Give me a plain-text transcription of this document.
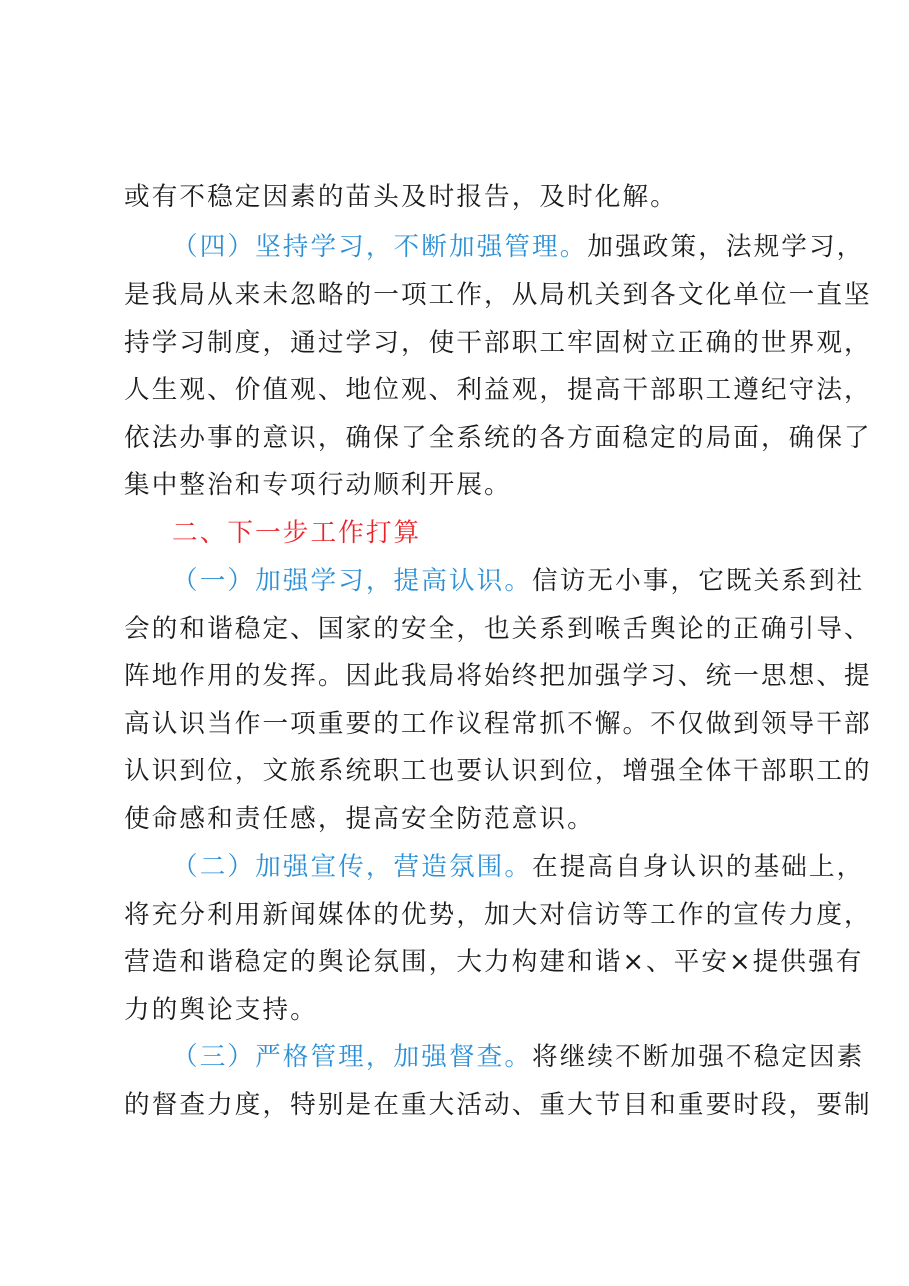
或有不稳定因素的苗头及时报告，及时化解。
（四）坚持学习，不断加强管理。加强政策，法规学习，
是我局从来未忽略的一项工作，从局机关到各文化单位一直坚
持学习制度，通过学习，使干部职工牢固树立正确的世界观，
人生观、价值观、地位观、利益观，提高干部职工遵纪守法，
依法办事的意识，确保了全系统的各方面稳定的局面，确保了
集中整治和专项行动顺利开展。
二、下一步工作打算
（一）加强学习，提高认识。信访无小事，它既关系到社
会的和谐稳定、国家的安全，也关系到喉舌舆论的正确引导、
阵地作用的发挥。因此我局将始终把加强学习、统一思想、提
高认识当作一项重要的工作议程常抓不懈。不仅做到领导干部
认识到位，文旅系统职工也要认识到位，增强全体干部职工的
使命感和责任感，提高安全防范意识。
（二）加强宣传，营造氛围。在提高自身认识的基础上，
将充分利用新闻媒体的优势，加大对信访等工作的宣传力度，
营造和谐稳定的舆论氛围，大力构建和谐×、平安×提供强有
力的舆论支持。
（三）严格管理，加强督查。将继续不断加强不稳定因素
的督查力度，特别是在重大活动、重大节目和重要时段，要制
